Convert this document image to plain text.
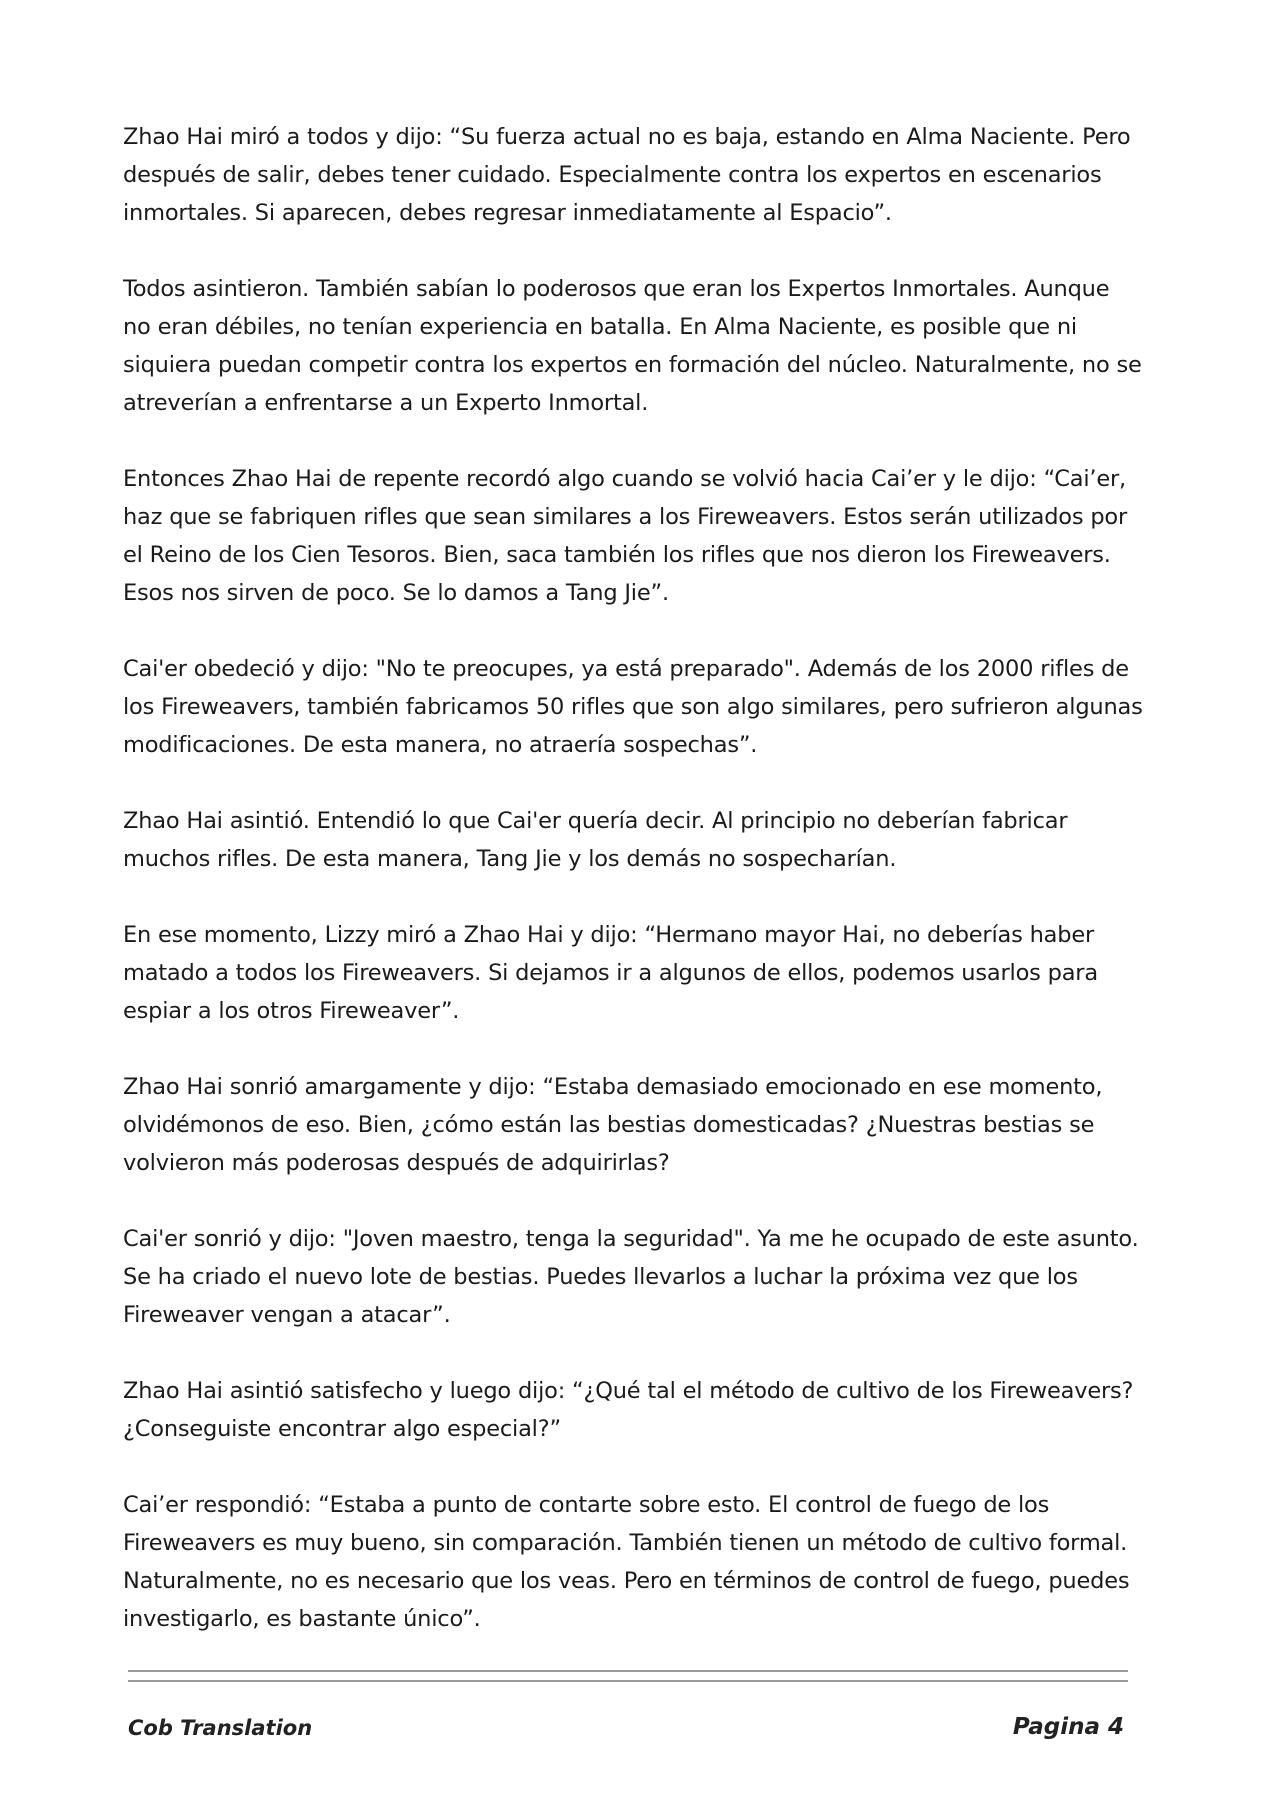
Zhao Hai miró a todos y dijo: “Su fuerza actual no es baja, estando en Alma Naciente. Pero después de salir, debes tener cuidado. Especialmente contra los expertos en escenarios inmortales. Si aparecen, debes regresar inmediatamente al Espacio”.

Todos asintieron. También sabían lo poderosos que eran los Expertos Inmortales. Aunque no eran débiles, no tenían experiencia en batalla. En Alma Naciente, es posible que ni siquiera puedan competir contra los expertos en formación del núcleo. Naturalmente, no se atreverían a enfrentarse a un Experto Inmortal.

Entonces Zhao Hai de repente recordó algo cuando se volvió hacia Cai’er y le dijo: “Cai’er, haz que se fabriquen rifles que sean similares a los Fireweavers. Estos serán utilizados por el Reino de los Cien Tesoros. Bien, saca también los rifles que nos dieron los Fireweavers. Esos nos sirven de poco. Se lo damos a Tang Jie”.

Cai'er obedeció y dijo: "No te preocupes, ya está preparado". Además de los 2000 rifles de los Fireweavers, también fabricamos 50 rifles que son algo similares, pero sufrieron algunas modificaciones. De esta manera, no atraería sospechas”.

Zhao Hai asintió. Entendió lo que Cai'er quería decir. Al principio no deberían fabricar muchos rifles. De esta manera, Tang Jie y los demás no sospecharían.

En ese momento, Lizzy miró a Zhao Hai y dijo: “Hermano mayor Hai, no deberías haber matado a todos los Fireweavers. Si dejamos ir a algunos de ellos, podemos usarlos para espiar a los otros Fireweaver”.

Zhao Hai sonrió amargamente y dijo: “Estaba demasiado emocionado en ese momento, olvidémonos de eso. Bien, ¿cómo están las bestias domesticadas? ¿Nuestras bestias se volvieron más poderosas después de adquirirlas?

Cai'er sonrió y dijo: "Joven maestro, tenga la seguridad". Ya me he ocupado de este asunto. Se ha criado el nuevo lote de bestias. Puedes llevarlos a luchar la próxima vez que los Fireweaver vengan a atacar”.

Zhao Hai asintió satisfecho y luego dijo: “¿Qué tal el método de cultivo de los Fireweavers? ¿Conseguiste encontrar algo especial?”

Cai’er respondió: “Estaba a punto de contarte sobre esto. El control de fuego de los Fireweavers es muy bueno, sin comparación. También tienen un método de cultivo formal. Naturalmente, no es necesario que los veas. Pero en términos de control de fuego, puedes investigarlo, es bastante único”.

Cob Translation	Pagina 4
